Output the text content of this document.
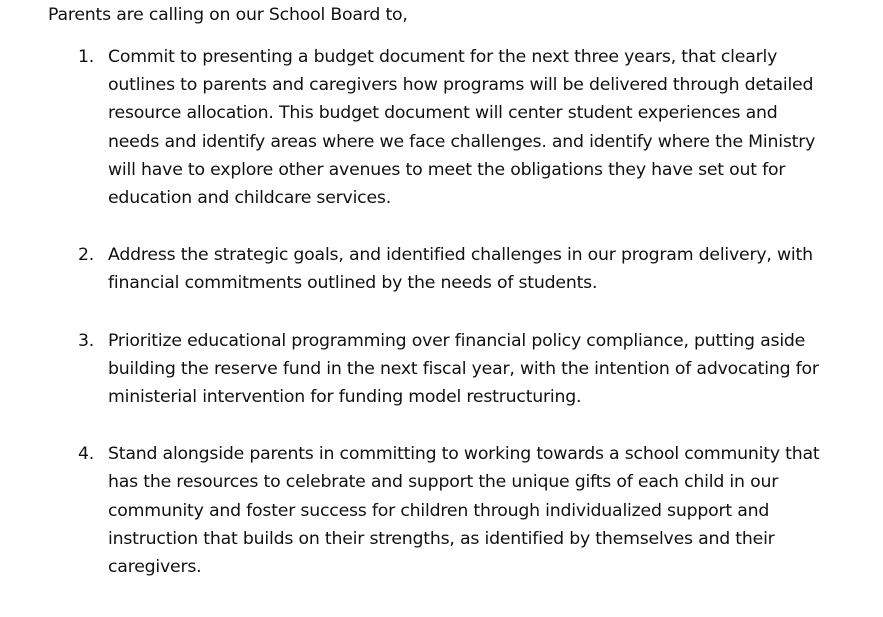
Parents are calling on our School Board to,

1. Commit to presenting a budget document for the next three years, that clearly outlines to parents and caregivers how programs will be delivered through detailed resource allocation. This budget document will center student experiences and needs and identify areas where we face challenges. and identify where the Ministry will have to explore other avenues to meet the obligations they have set out for education and childcare services.
2. Address the strategic goals, and identified challenges in our program delivery, with financial commitments outlined by the needs of students.
3. Prioritize educational programming over financial policy compliance, putting aside building the reserve fund in the next fiscal year, with the intention of advocating for ministerial intervention for funding model restructuring.
4. Stand alongside parents in committing to working towards a school community that has the resources to celebrate and support the unique gifts of each child in our community and foster success for children through individualized support and instruction that builds on their strengths, as identified by themselves and their caregivers.
